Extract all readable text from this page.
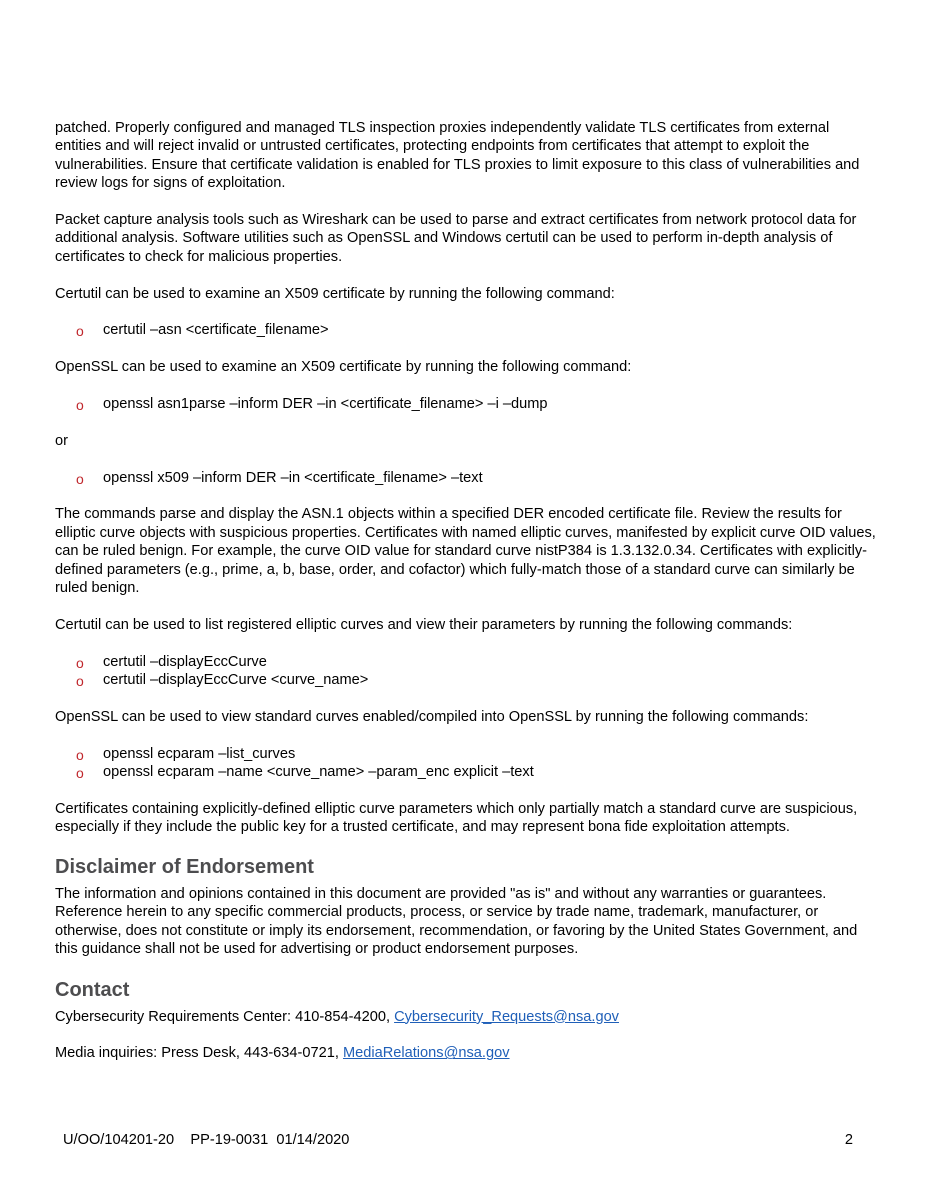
patched. Properly configured and managed TLS inspection proxies independently validate TLS certificates from external entities and will reject invalid or untrusted certificates, protecting endpoints from certificates that attempt to exploit the vulnerabilities. Ensure that certificate validation is enabled for TLS proxies to limit exposure to this class of vulnerabilities and review logs for signs of exploitation.

Packet capture analysis tools such as Wireshark can be used to parse and extract certificates from network protocol data for additional analysis. Software utilities such as OpenSSL and Windows certutil can be used to perform in-depth analysis of certificates to check for malicious properties.

Certutil can be used to examine an X509 certificate by running the following command:

o certutil –asn <certificate_filename>

OpenSSL can be used to examine an X509 certificate by running the following command:

o openssl asn1parse –inform DER –in <certificate_filename> –i –dump

or

o openssl x509 –inform DER –in <certificate_filename> –text

The commands parse and display the ASN.1 objects within a specified DER encoded certificate file. Review the results for elliptic curve objects with suspicious properties. Certificates with named elliptic curves, manifested by explicit curve OID values, can be ruled benign. For example, the curve OID value for standard curve nistP384 is 1.3.132.0.34. Certificates with explicitly-defined parameters (e.g., prime, a, b, base, order, and cofactor) which fully-match those of a standard curve can similarly be ruled benign.

Certutil can be used to list registered elliptic curves and view their parameters by running the following commands:

o certutil –displayEccCurve
o certutil –displayEccCurve <curve_name>

OpenSSL can be used to view standard curves enabled/compiled into OpenSSL by running the following commands:

o openssl ecparam –list_curves
o openssl ecparam –name <curve_name> –param_enc explicit –text

Certificates containing explicitly-defined elliptic curve parameters which only partially match a standard curve are suspicious, especially if they include the public key for a trusted certificate, and may represent bona fide exploitation attempts.

Disclaimer of Endorsement

The information and opinions contained in this document are provided "as is" and without any warranties or guarantees. Reference herein to any specific commercial products, process, or service by trade name, trademark, manufacturer, or otherwise, does not constitute or imply its endorsement, recommendation, or favoring by the United States Government, and this guidance shall not be used for advertising or product endorsement purposes.

Contact

Cybersecurity Requirements Center: 410-854-4200, Cybersecurity_Requests@nsa.gov

Media inquiries: Press Desk, 443-634-0721, MediaRelations@nsa.gov

U/OO/104201-20 PP-19-0031 01/14/2020	2
